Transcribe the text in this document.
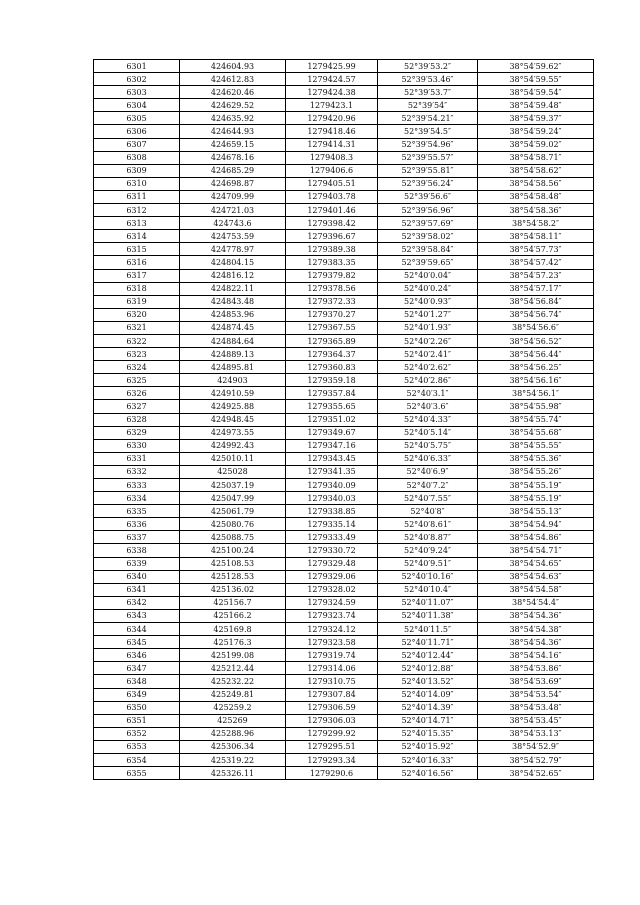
6301	424604.93	1279425.99	52°39′53.2″	38°54′59.62″
6302	424612.83	1279424.57	52°39′53.46″	38°54′59.55″
6303	424620.46	1279424.38	52°39′53.7″	38°54′59.54″
6304	424629.52	1279423.1	52°39′54″	38°54′59.48″
6305	424635.92	1279420.96	52°39′54.21″	38°54′59.37″
6306	424644.93	1279418.46	52°39′54.5″	38°54′59.24″
6307	424659.15	1279414.31	52°39′54.96″	38°54′59.02″
6308	424678.16	1279408.3	52°39′55.57″	38°54′58.71″
6309	424685.29	1279406.6	52°39′55.81″	38°54′58.62″
6310	424698.87	1279405.51	52°39′56.24″	38°54′58.56″
6311	424709.99	1279403.78	52°39′56.6″	38°54′58.48″
6312	424721.03	1279401.46	52°39′56.96″	38°54′58.36″
6313	424743.6	1279398.42	52°39′57.69″	38°54′58.2″
6314	424753.59	1279396.67	52°39′58.02″	38°54′58.11″
6315	424778.97	1279389.38	52°39′58.84″	38°54′57.73″
6316	424804.15	1279383.35	52°39′59.65″	38°54′57.42″
6317	424816.12	1279379.82	52°40′0.04″	38°54′57.23″
6318	424822.11	1279378.56	52°40′0.24″	38°54′57.17″
6319	424843.48	1279372.33	52°40′0.93″	38°54′56.84″
6320	424853.96	1279370.27	52°40′1.27″	38°54′56.74″
6321	424874.45	1279367.55	52°40′1.93″	38°54′56.6″
6322	424884.64	1279365.89	52°40′2.26″	38°54′56.52″
6323	424889.13	1279364.37	52°40′2.41″	38°54′56.44″
6324	424895.81	1279360.83	52°40′2.62″	38°54′56.25″
6325	424903	1279359.18	52°40′2.86″	38°54′56.16″
6326	424910.59	1279357.84	52°40′3.1″	38°54′56.1″
6327	424925.88	1279355.65	52°40′3.6″	38°54′55.98″
6328	424948.45	1279351.02	52°40′4.33″	38°54′55.74″
6329	424973.55	1279349.67	52°40′5.14″	38°54′55.68″
6330	424992.43	1279347.16	52°40′5.75″	38°54′55.55″
6331	425010.11	1279343.45	52°40′6.33″	38°54′55.36″
6332	425028	1279341.35	52°40′6.9″	38°54′55.26″
6333	425037.19	1279340.09	52°40′7.2″	38°54′55.19″
6334	425047.99	1279340.03	52°40′7.55″	38°54′55.19″
6335	425061.79	1279338.85	52°40′8″	38°54′55.13″
6336	425080.76	1279335.14	52°40′8.61″	38°54′54.94″
6337	425088.75	1279333.49	52°40′8.87″	38°54′54.86″
6338	425100.24	1279330.72	52°40′9.24″	38°54′54.71″
6339	425108.53	1279329.48	52°40′9.51″	38°54′54.65″
6340	425128.53	1279329.06	52°40′10.16″	38°54′54.63″
6341	425136.02	1279328.02	52°40′10.4″	38°54′54.58″
6342	425156.7	1279324.59	52°40′11.07″	38°54′54.4″
6343	425166.2	1279323.74	52°40′11.38″	38°54′54.36″
6344	425169.8	1279324.12	52°40′11.5″	38°54′54.38″
6345	425176.3	1279323.58	52°40′11.71″	38°54′54.36″
6346	425199.08	1279319.74	52°40′12.44″	38°54′54.16″
6347	425212.44	1279314.06	52°40′12.88″	38°54′53.86″
6348	425232.22	1279310.75	52°40′13.52″	38°54′53.69″
6349	425249.81	1279307.84	52°40′14.09″	38°54′53.54″
6350	425259.2	1279306.59	52°40′14.39″	38°54′53.48″
6351	425269	1279306.03	52°40′14.71″	38°54′53.45″
6352	425288.96	1279299.92	52°40′15.35″	38°54′53.13″
6353	425306.34	1279295.51	52°40′15.92″	38°54′52.9″
6354	425319.22	1279293.34	52°40′16.33″	38°54′52.79″
6355	425326.11	1279290.6	52°40′16.56″	38°54′52.65″
